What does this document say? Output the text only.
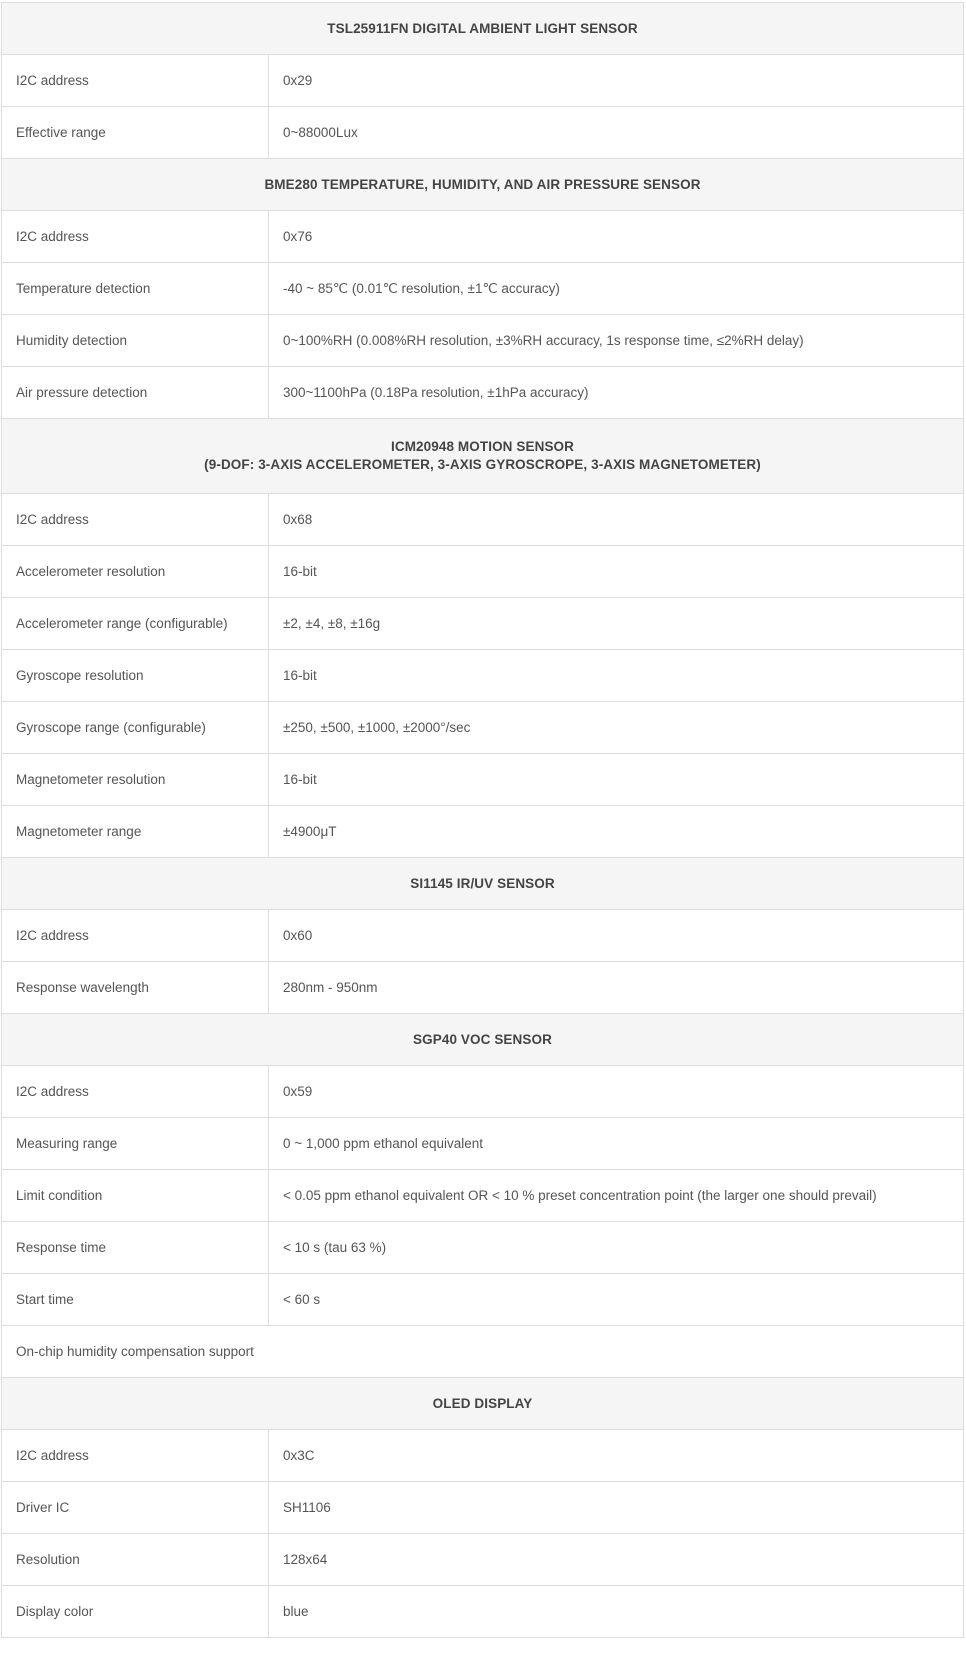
TSL25911FN DIGITAL AMBIENT LIGHT SENSOR	
I2C address	0x29
Effective range	0~88000Lux
BME280 TEMPERATURE, HUMIDITY, AND AIR PRESSURE SENSOR	
I2C address	0x76
Temperature detection	-40 ~ 85℃ (0.01℃ resolution, ±1℃ accuracy)
Humidity detection	0~100%RH (0.008%RH resolution, ±3%RH accuracy, 1s response time, ≤2%RH delay)
Air pressure detection	300~1100hPa (0.18Pa resolution, ±1hPa accuracy)

ICM20948 MOTION SENSOR
(9-DOF: 3-AXIS ACCELEROMETER, 3-AXIS GYROSCROPE, 3-AXIS MAGNETOMETER)	

I2C address	0x68
Accelerometer resolution	16-bit
Accelerometer range (configurable)	±2, ±4, ±8, ±16g
Gyroscope resolution	16-bit
Gyroscope range (configurable)	±250, ±500, ±1000, ±2000°/sec
Magnetometer resolution	16-bit
Magnetometer range	±4900μT
SI1145 IR/UV SENSOR	
I2C address	0x60
Response wavelength	280nm - 950nm
SGP40 VOC SENSOR	
I2C address	0x59
Measuring range	0 ~ 1,000 ppm ethanol equivalent
Limit condition	< 0.05 ppm ethanol equivalent OR < 10 % preset concentration point (the larger one should prevail)
Response time	< 10 s (tau 63 %)
Start time	< 60 s
On-chip humidity compensation support	
OLED DISPLAY	
I2C address	0x3C
Driver IC	SH1106
Resolution	128x64
Display color	blue
